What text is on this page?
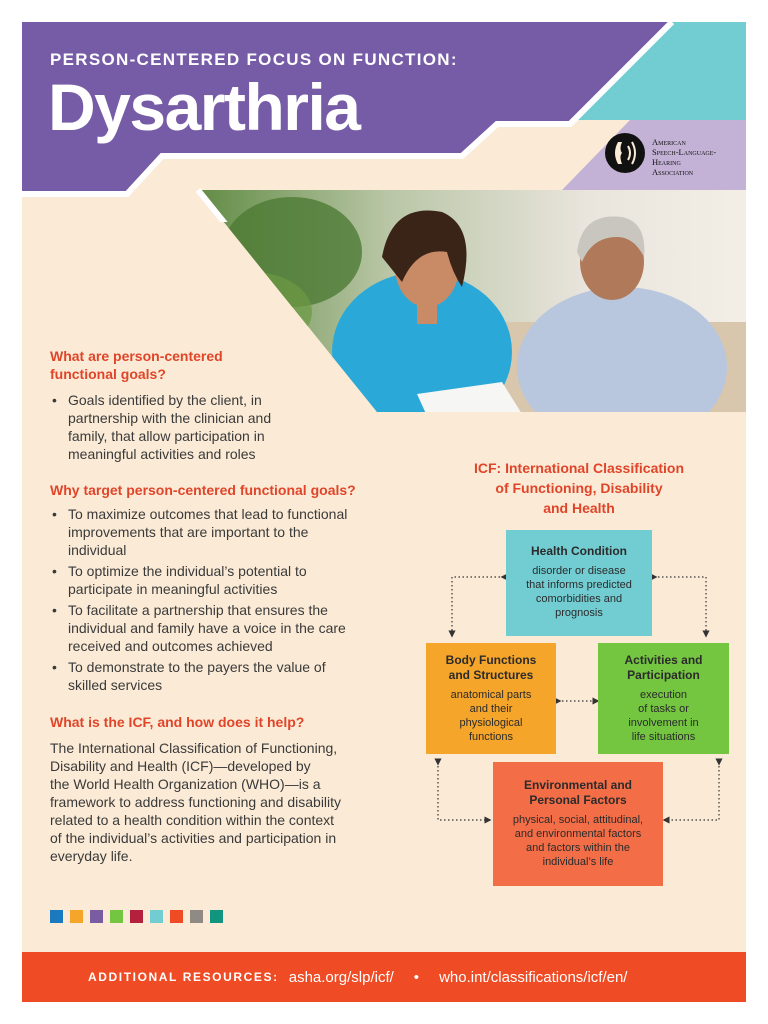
PERSON-CENTERED FOCUS ON FUNCTION:
Dysarthria	American
Speech-Language-
Hearing
Association
What are person-centered
functional goals?
• Goals identified by the client, in
partnership with the clinician and
family, that allow participation in
meaningful activities and roles
Why target person-centered functional goals?
• To maximize outcomes that lead to functional
improvements that are important to the
individual
• To optimize the individual’s potential to
participate in meaningful activities
• To facilitate a partnership that ensures the
individual and family have a voice in the care
received and outcomes achieved
• To demonstrate to the payers the value of
skilled services
What is the ICF, and how does it help?
The International Classification of Functioning,
Disability and Health (ICF)—developed by
the World Health Organization (WHO)—is a
framework to address functioning and disability
related to a health condition within the context
of the individual’s activities and participation in
everyday life.
ICF: International Classification
of Functioning, Disability
and Health
Health Condition
disorder or disease
that informs predicted
comorbidities and
prognosis
Body Functions
and Structures
anatomical parts
and their
physiological
functions
Activities and
Participation
execution
of tasks or
involvement in
life situations
Environmental and
Personal Factors
physical, social, attitudinal,
and environmental factors
and factors within the
individual’s life
ADDITIONAL RESOURCES: asha.org/slp/icf/ • who.int/classifications/icf/en/
